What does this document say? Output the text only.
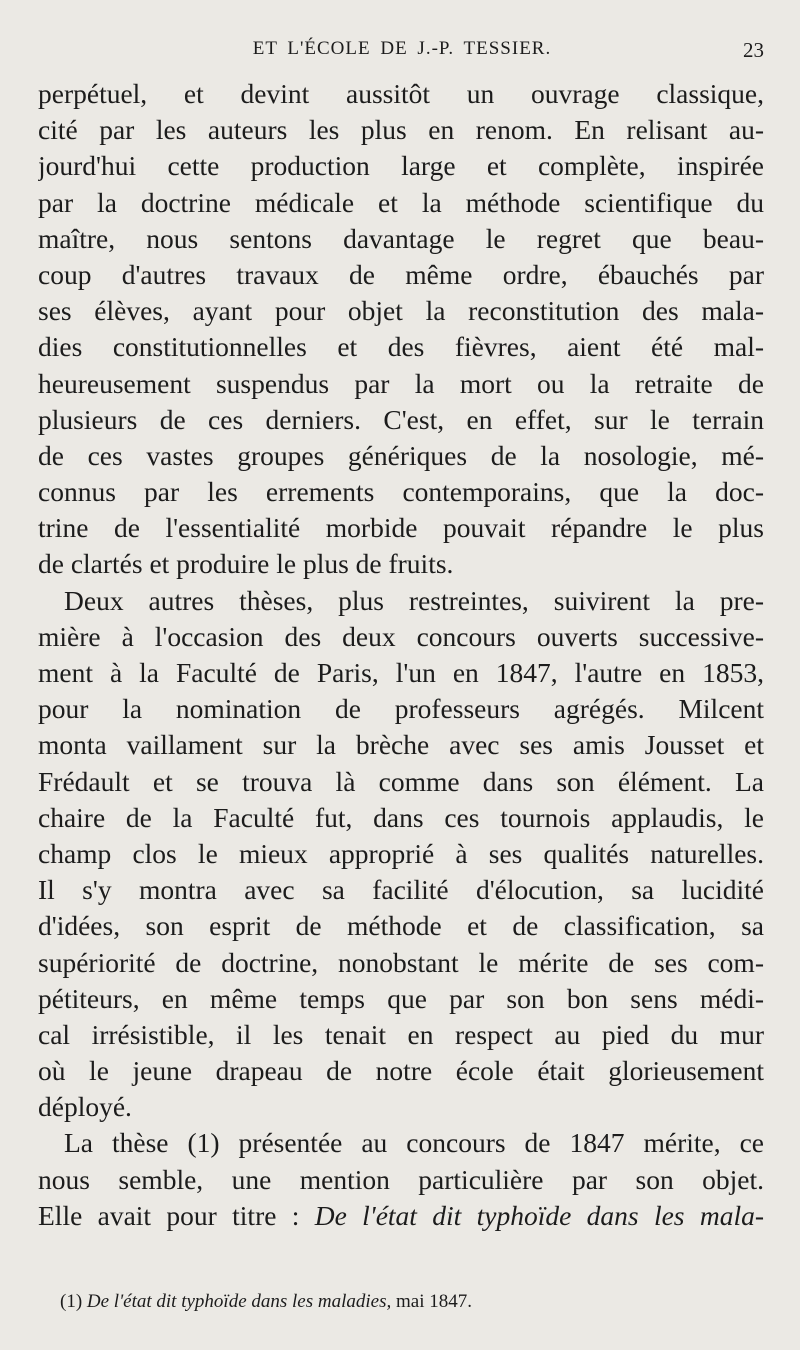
ET L'ÉCOLE DE J.-P. TESSIER.	23
perpétuel, et devint aussitôt un ouvrage classique,
cité par les auteurs les plus en renom. En relisant au-
jourd'hui cette production large et complète, inspirée
par la doctrine médicale et la méthode scientifique du
maître, nous sentons davantage le regret que beau-
coup d'autres travaux de même ordre, ébauchés par
ses élèves, ayant pour objet la reconstitution des mala-
dies constitutionnelles et des fièvres, aient été mal-
heureusement suspendus par la mort ou la retraite de
plusieurs de ces derniers. C'est, en effet, sur le terrain
de ces vastes groupes génériques de la nosologie, mé-
connus par les errements contemporains, que la doc-
trine de l'essentialité morbide pouvait répandre le plus
de clartés et produire le plus de fruits.
Deux autres thèses, plus restreintes, suivirent la pre-
mière à l'occasion des deux concours ouverts successive-
ment à la Faculté de Paris, l'un en 1847, l'autre en 1853,
pour la nomination de professeurs agrégés. Milcent
monta vaillament sur la brèche avec ses amis Jousset et
Frédault et se trouva là comme dans son élément. La
chaire de la Faculté fut, dans ces tournois applaudis, le
champ clos le mieux approprié à ses qualités naturelles.
Il s'y montra avec sa facilité d'élocution, sa lucidité
d'idées, son esprit de méthode et de classification, sa
supériorité de doctrine, nonobstant le mérite de ses com-
pétiteurs, en même temps que par son bon sens médi-
cal irrésistible, il les tenait en respect au pied du mur
où le jeune drapeau de notre école était glorieusement
déployé.
La thèse (1) présentée au concours de 1847 mérite, ce
nous semble, une mention particulière par son objet.
Elle avait pour titre : De l'état dit typhoïde dans les mala-
(1) De l'état dit typhoïde dans les maladies, mai 1847.
